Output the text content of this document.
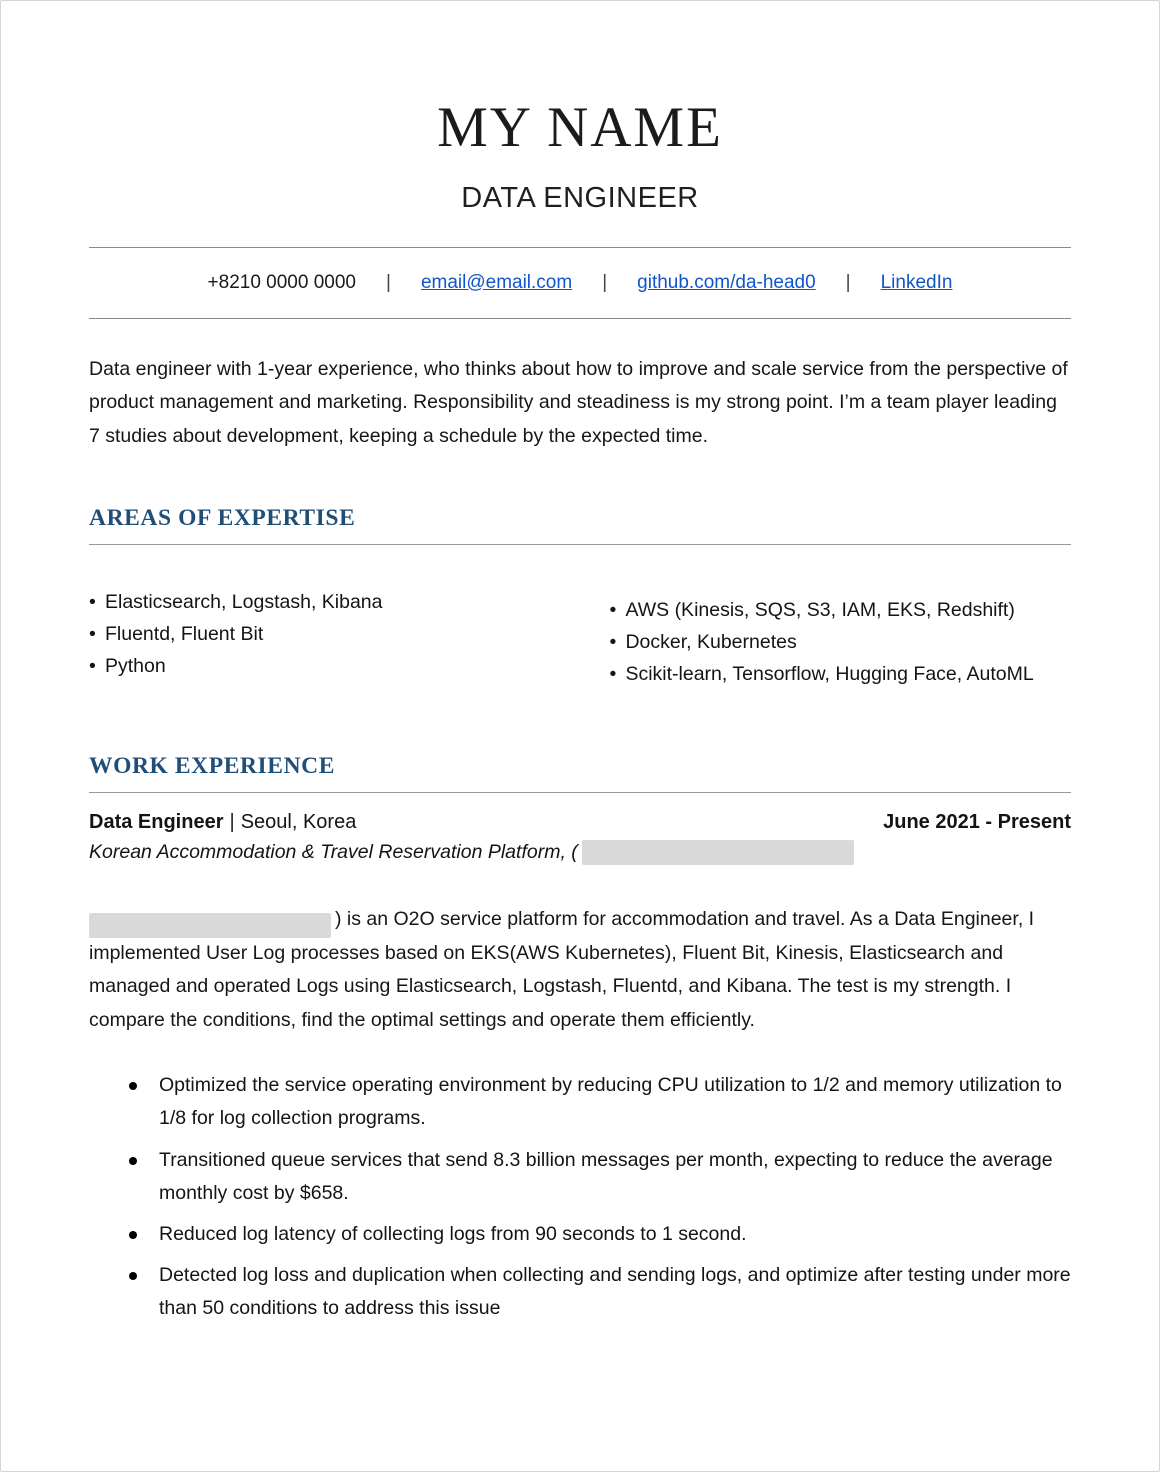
MY NAME
DATA ENGINEER
+8210 0000 0000 | email@email.com | github.com/da-head0 | LinkedIn

Data engineer with 1-year experience, who thinks about how to improve and scale service from the perspective of product management and marketing. Responsibility and steadiness is my strong point. I’m a team player leading 7 studies about development, keeping a schedule by the expected time.

AREAS OF EXPERTISE
• Elasticsearch, Logstash, Kibana
• Fluentd, Fluent Bit
• Python
• AWS (Kinesis, SQS, S3, IAM, EKS, Redshift)
• Docker, Kubernetes
• Scikit-learn, Tensorflow, Hugging Face, AutoML
WORK EXPERIENCE
Data Engineer | Seoul, Korea	June 2021 - Present
Korean Accommodation & Travel Reservation Platform, (

) is an O2O service platform for accommodation and travel. As a Data Engineer, I implemented User Log processes based on EKS(AWS Kubernetes), Fluent Bit, Kinesis, Elasticsearch and managed and operated Logs using Elasticsearch, Logstash, Fluentd, and Kibana. The test is my strength. I compare the conditions, find the optimal settings and operate them efficiently.

Optimized the service operating environment by reducing CPU utilization to 1/2 and memory utilization to 1/8 for log collection programs.
Transitioned queue services that send 8.3 billion messages per month, expecting to reduce the average monthly cost by $658.
Reduced log latency of collecting logs from 90 seconds to 1 second.
Detected log loss and duplication when collecting and sending logs, and optimize after testing under more than 50 conditions to address this issue
